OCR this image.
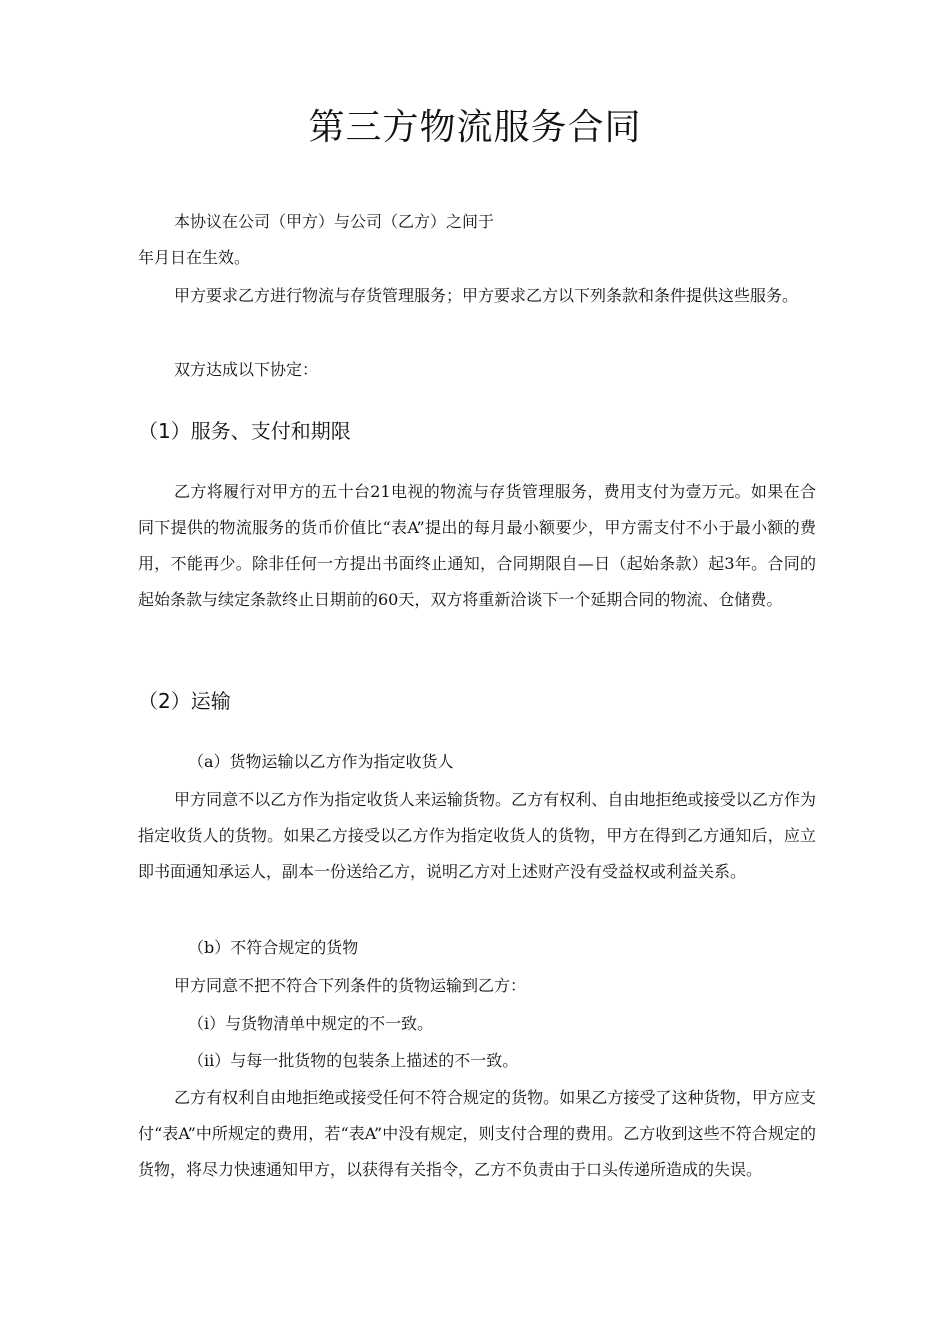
第三方物流服务合同
本协议在公司（甲方）与公司（乙方）之间于
年月日在生效。
甲方要求乙方进行物流与存货管理服务；甲方要求乙方以下列条款和条件提供这些服务。
双方达成以下协定：
（1）服务、支付和期限
乙方将履行对甲方的五十台21电视的物流与存货管理服务，费用支付为壹万元。如果在合同下提供的物流服务的货币价值比“表A”提出的每月最小额要少，甲方需支付不小于最小额的费用，不能再少。除非任何一方提出书面终止通知，合同期限自—日（起始条款）起3年。合同的起始条款与续定条款终止日期前的60天，双方将重新洽谈下一个延期合同的物流、仓储费。
（2）运输
（a）货物运输以乙方作为指定收货人
甲方同意不以乙方作为指定收货人来运输货物。乙方有权利、自由地拒绝或接受以乙方作为指定收货人的货物。如果乙方接受以乙方作为指定收货人的货物，甲方在得到乙方通知后，应立即书面通知承运人，副本一份送给乙方，说明乙方对上述财产没有受益权或利益关系。
（b）不符合规定的货物
甲方同意不把不符合下列条件的货物运输到乙方：
（i）与货物清单中规定的不一致。
（ii）与每一批货物的包装条上描述的不一致。
乙方有权利自由地拒绝或接受任何不符合规定的货物。如果乙方接受了这种货物，甲方应支付“表A”中所规定的费用，若“表A”中没有规定，则支付合理的费用。乙方收到这些不符合规定的货物，将尽力快速通知甲方，以获得有关指令，乙方不负责由于口头传递所造成的失误。
